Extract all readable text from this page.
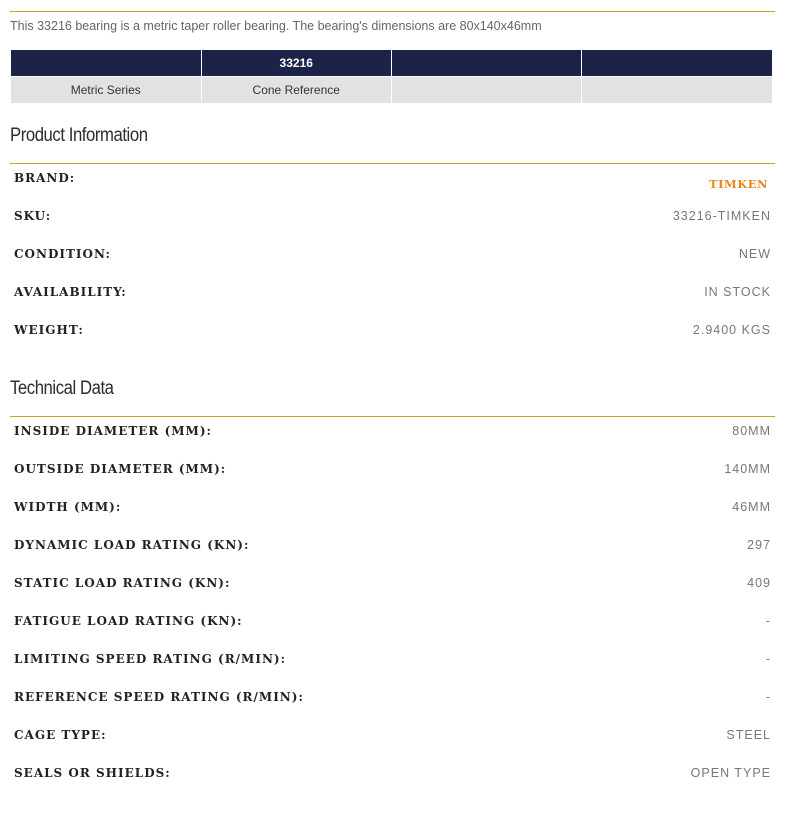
This 33216 bearing is a metric taper roller bearing. The bearing's dimensions are 80x140x46mm
	33216		
Metric Series	Cone Reference		
Product Information
BRAND:	TIMKEN
SKU:	33216-TIMKEN
CONDITION:	NEW
AVAILABILITY:	IN STOCK
WEIGHT:	2.9400 KGS
Technical Data
INSIDE DIAMETER (MM):	80MM
OUTSIDE DIAMETER (MM):	140MM
WIDTH (MM):	46MM
DYNAMIC LOAD RATING (KN):	297
STATIC LOAD RATING (KN):	409
FATIGUE LOAD RATING (KN):	-
LIMITING SPEED RATING (R/MIN):	-
REFERENCE SPEED RATING (R/MIN):	-
CAGE TYPE:	STEEL
SEALS OR SHIELDS:	OPEN TYPE
